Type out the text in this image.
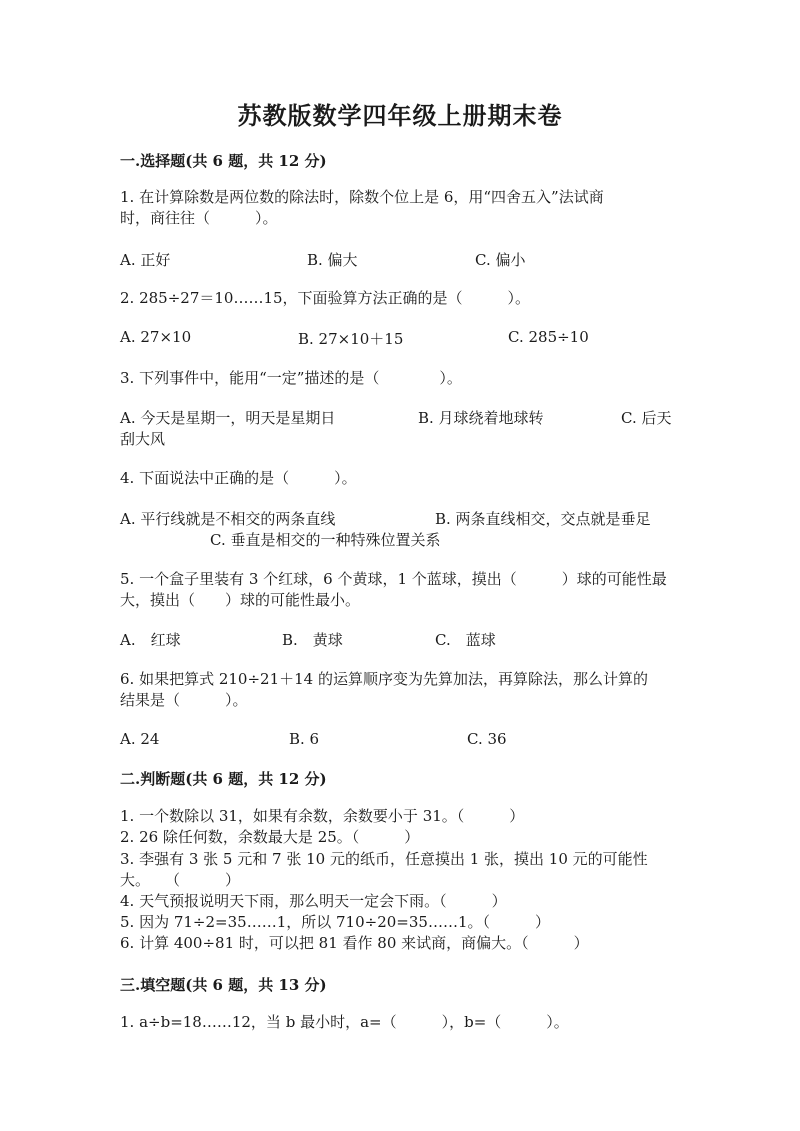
苏教版数学四年级上册期末卷
一.选择题(共 6 题，共 12 分)
1. 在计算除数是两位数的除法时，除数个位上是 6，用“四舍五入”法试商
时，商往往（　　　）。
A. 正好	B. 偏大	C. 偏小
2. 285÷27＝10……15，下面验算方法正确的是（　　　）。
A. 27×10	B. 27×10＋15	C. 285÷10
3. 下列事件中，能用“一定”描述的是（　　　　）。
A. 今天是星期一，明天是星期日	B. 月球绕着地球转	C. 后天
刮大风
4. 下面说法中正确的是（　　　）。
A. 平行线就是不相交的两条直线	B. 两条直线相交，交点就是垂足
C. 垂直是相交的一种特殊位置关系
5. 一个盒子里装有 3 个红球，6 个黄球，1 个蓝球，摸出（　　　）球的可能性最
大，摸出（　　）球的可能性最小。
A.　红球	B.　黄球	C.　蓝球
6. 如果把算式 210÷21＋14 的运算顺序变为先算加法，再算除法，那么计算的
结果是（　　　）。
A. 24	B. 6	C. 36
二.判断题(共 6 题，共 12 分)
1. 一个数除以 31，如果有余数，余数要小于 31。（　　　）
2. 26 除任何数，余数最大是 25。（　　　）
3. 李强有 3 张 5 元和 7 张 10 元的纸币，任意摸出 1 张，摸出 10 元的可能性
大。　　（　　　）
4. 天气预报说明天下雨，那么明天一定会下雨。（　　　）
5. 因为 71÷2=35……1，所以 710÷20=35……1。（　　　）
6. 计算 400÷81 时，可以把 81 看作 80 来试商，商偏大。（　　　）
三.填空题(共 6 题，共 13 分)
1. a÷b=18……12，当 b 最小时，a=（　　　），b=（　　　）。
